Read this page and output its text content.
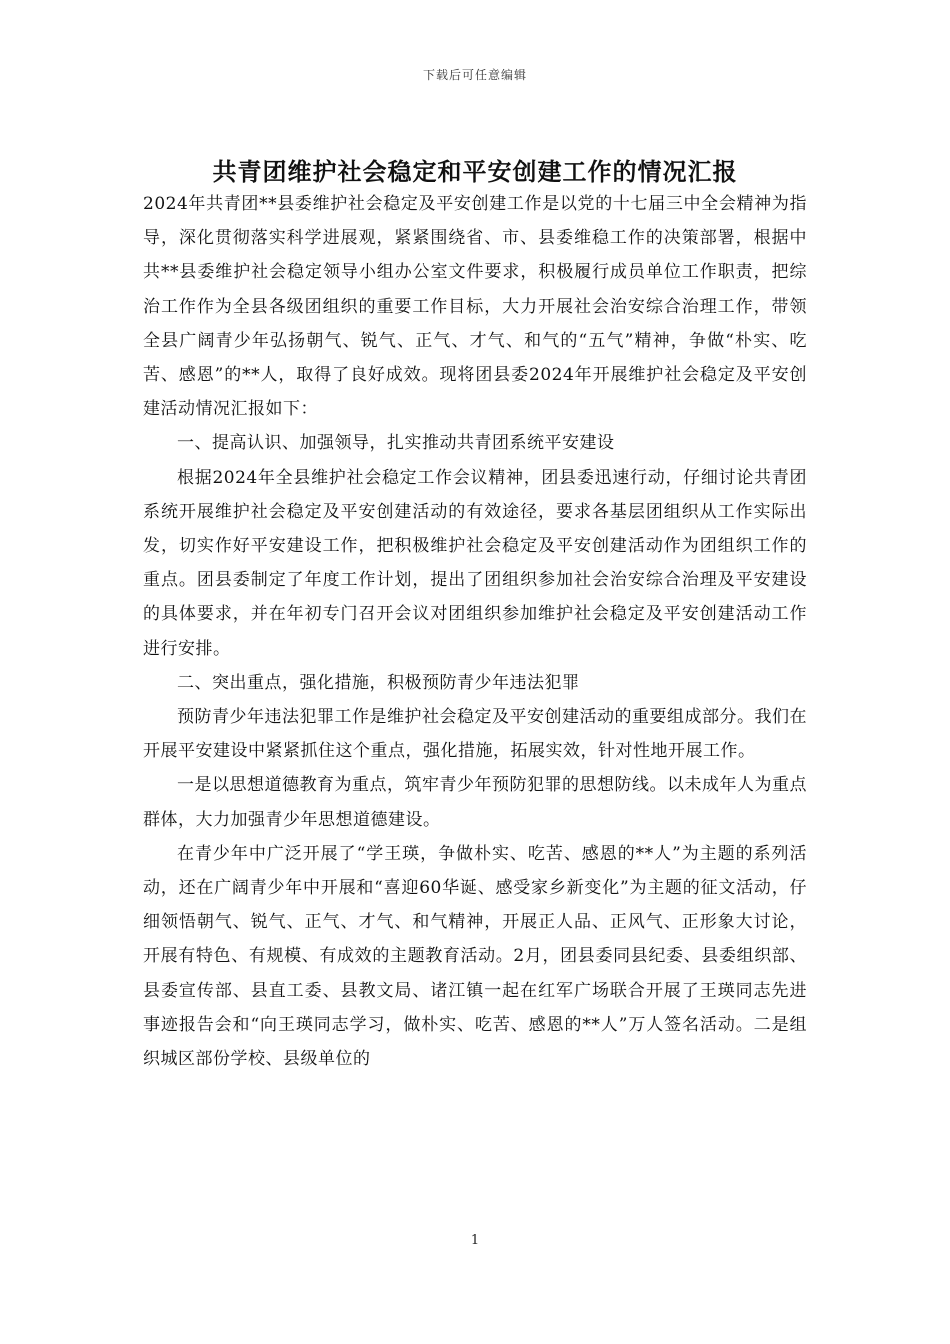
下载后可任意编辑
共青团维护社会稳定和平安创建工作的情况汇报

2024年共青团**县委维护社会稳定及平安创建工作是以党的十七届三中全会精神为指导，深化贯彻落实科学进展观，紧紧围绕省、市、县委维稳工作的决策部署，根据中共**县委维护社会稳定领导小组办公室文件要求，积极履行成员单位工作职责，把综治工作作为全县各级团组织的重要工作目标，大力开展社会治安综合治理工作，带领全县广阔青少年弘扬朝气、锐气、正气、才气、和气的“五气”精神，争做“朴实、吃苦、感恩”的**人，取得了良好成效。现将团县委2024年开展维护社会稳定及平安创建活动情况汇报如下：

一、提高认识、加强领导，扎实推动共青团系统平安建设

根据2024年全县维护社会稳定工作会议精神，团县委迅速行动，仔细讨论共青团系统开展维护社会稳定及平安创建活动的有效途径，要求各基层团组织从工作实际出发，切实作好平安建设工作，把积极维护社会稳定及平安创建活动作为团组织工作的重点。团县委制定了年度工作计划，提出了团组织参加社会治安综合治理及平安建设的具体要求，并在年初专门召开会议对团组织参加维护社会稳定及平安创建活动工作进行安排。

二、突出重点，强化措施，积极预防青少年违法犯罪

预防青少年违法犯罪工作是维护社会稳定及平安创建活动的重要组成部分。我们在开展平安建设中紧紧抓住这个重点，强化措施，拓展实效，针对性地开展工作。

一是以思想道德教育为重点，筑牢青少年预防犯罪的思想防线。以未成年人为重点群体，大力加强青少年思想道德建设。

在青少年中广泛开展了“学王瑛，争做朴实、吃苦、感恩的**人”为主题的系列活动，还在广阔青少年中开展和“喜迎60华诞、感受家乡新变化”为主题的征文活动，仔细领悟朝气、锐气、正气、才气、和气精神，开展正人品、正风气、正形象大讨论，开展有特色、有规模、有成效的主题教育活动。2月，团县委同县纪委、县委组织部、县委宣传部、县直工委、县教文局、诸江镇一起在红军广场联合开展了王瑛同志先进事迹报告会和“向王瑛同志学习，做朴实、吃苦、感恩的**人”万人签名活动。二是组织城区部份学校、县级单位的

1
